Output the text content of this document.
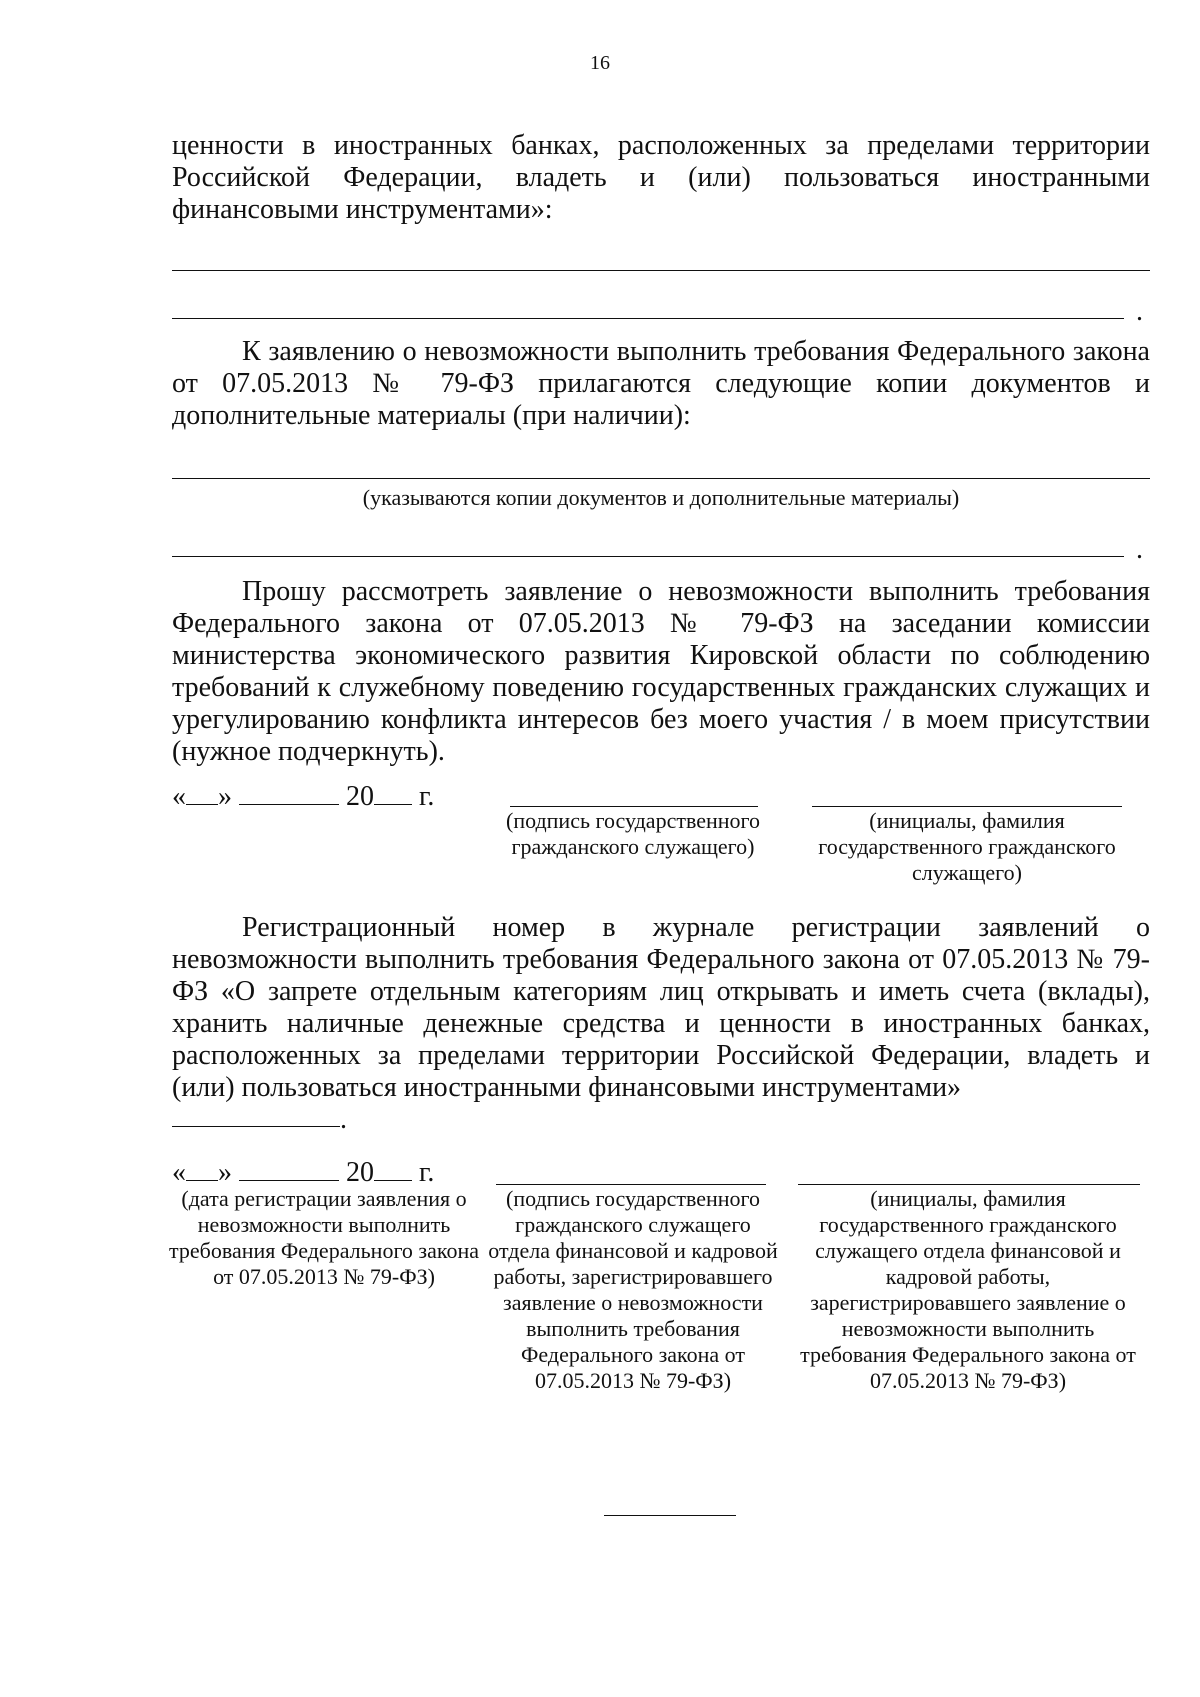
16

ценности в иностранных банках, расположенных за пределами территории Российской Федерации, владеть и (или) пользоваться иностранными финансовыми инструментами»:

.

К заявлению о невозможности выполнить требования Федерального закона от 07.05.2013 № 79-ФЗ прилагаются следующие копии документов и дополнительные материалы (при наличии):

(указываются копии документов и дополнительные материалы)
.

Прошу рассмотреть заявление о невозможности выполнить требования Федерального закона от 07.05.2013 № 79-ФЗ на заседании комиссии министерства экономического развития Кировской области по соблюдению требований к служебному поведению государственных гражданских служащих и урегулированию конфликта интересов без моего участия / в моем присутствии (нужное подчеркнуть).

« »	20 г.
(подпись государственного гражданского служащего)
(инициалы, фамилия государственного гражданского служащего)

Регистрационный номер в журнале регистрации заявлений о невозможности выполнить требования Федерального закона от 07.05.2013 № 79-ФЗ «О запрете отдельным категориям лиц открывать и иметь счета (вклады), хранить наличные денежные средства и ценности в иностранных банках, расположенных за пределами территории Российской Федерации, владеть и (или) пользоваться иностранными финансовыми инструментами»

.
« »	20 г.
(дата регистрации заявления о невозможности выполнить требования Федерального закона от 07.05.2013 № 79-ФЗ)
(подпись государственного гражданского служащего отдела финансовой и кадровой работы, зарегистрировавшего заявление о невозможности выполнить требования Федерального закона от 07.05.2013 № 79-ФЗ)
(инициалы, фамилия государственного гражданского служащего отдела финансовой и кадровой работы, зарегистрировавшего заявление о невозможности выполнить требования Федерального закона от 07.05.2013 № 79-ФЗ)
